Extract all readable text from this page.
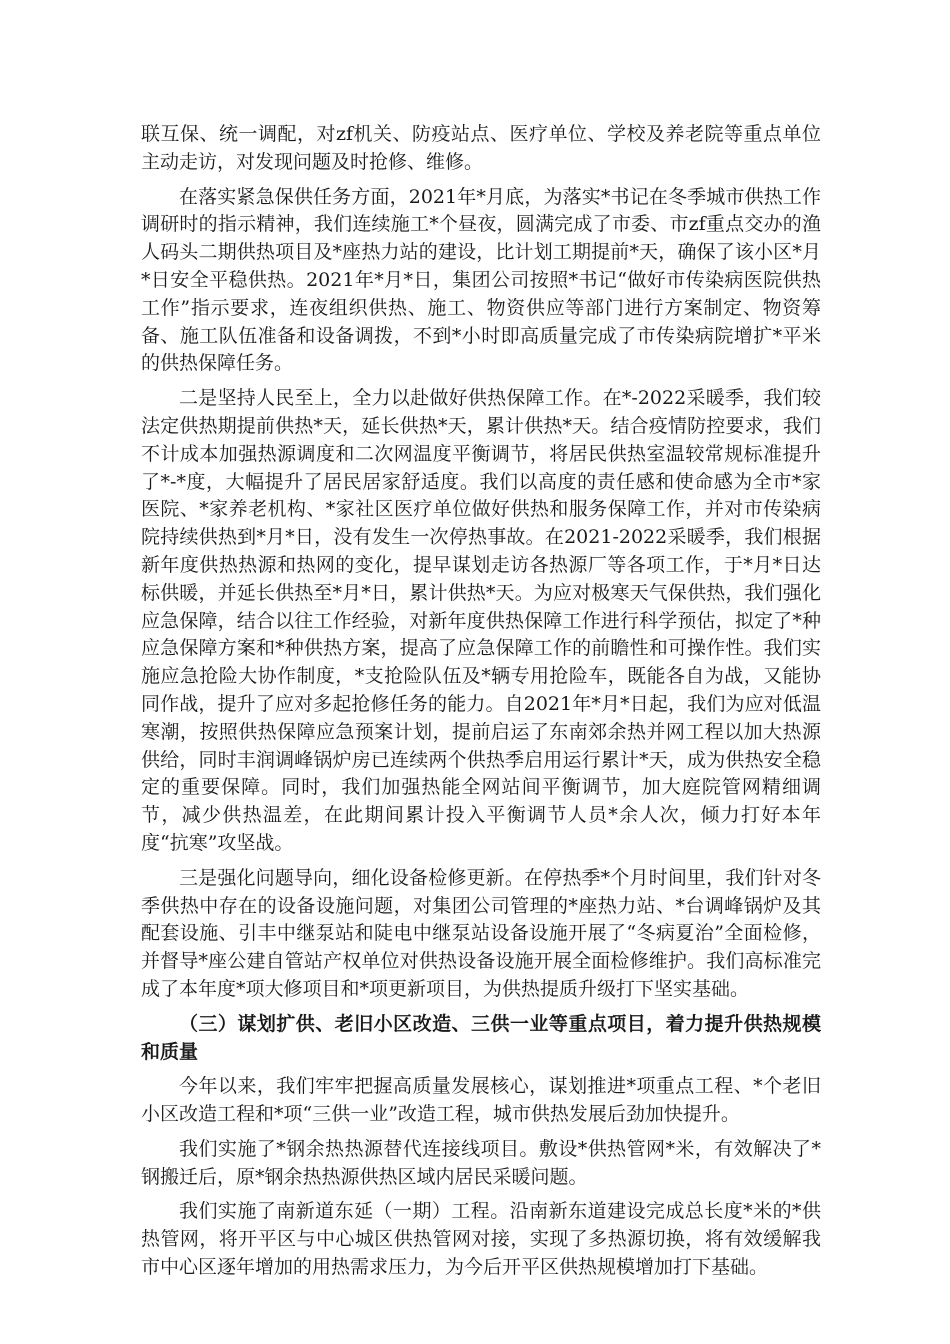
联互保、统一调配，对zf机关、防疫站点、医疗单位、学校及养老院等重点单位主动走访，对发现问题及时抢修、维修。

在落实紧急保供任务方面，2021年*月底，为落实*书记在冬季城市供热工作调研时的指示精神，我们连续施工*个昼夜，圆满完成了市委、市zf重点交办的渔人码头二期供热项目及*座热力站的建设，比计划工期提前*天，确保了该小区*月*日安全平稳供热。2021年*月*日，集团公司按照*书记“做好市传染病医院供热工作”指示要求，连夜组织供热、施工、物资供应等部门进行方案制定、物资筹备、施工队伍准备和设备调拨，不到*小时即高质量完成了市传染病院增扩*平米的供热保障任务。

二是坚持人民至上，全力以赴做好供热保障工作。在*-2022采暖季，我们较法定供热期提前供热*天，延长供热*天，累计供热*天。结合疫情防控要求，我们不计成本加强热源调度和二次网温度平衡调节，将居民供热室温较常规标准提升了*-*度，大幅提升了居民居家舒适度。我们以高度的责任感和使命感为全市*家医院、*家养老机构、*家社区医疗单位做好供热和服务保障工作，并对市传染病院持续供热到*月*日，没有发生一次停热事故。在2021-2022采暖季，我们根据新年度供热热源和热网的变化，提早谋划走访各热源厂等各项工作，于*月*日达标供暖，并延长供热至*月*日，累计供热*天。为应对极寒天气保供热，我们强化应急保障，结合以往工作经验，对新年度供热保障工作进行科学预估，拟定了*种应急保障方案和*种供热方案，提高了应急保障工作的前瞻性和可操作性。我们实施应急抢险大协作制度，*支抢险队伍及*辆专用抢险车，既能各自为战，又能协同作战，提升了应对多起抢修任务的能力。自2021年*月*日起，我们为应对低温寒潮，按照供热保障应急预案计划，提前启运了东南郊余热并网工程以加大热源供给，同时丰润调峰锅炉房已连续两个供热季启用运行累计*天，成为供热安全稳定的重要保障。同时，我们加强热能全网站间平衡调节，加大庭院管网精细调节，减少供热温差，在此期间累计投入平衡调节人员*余人次，倾力打好本年度“抗寒”攻坚战。

三是强化问题导向，细化设备检修更新。在停热季*个月时间里，我们针对冬季供热中存在的设备设施问题，对集团公司管理的*座热力站、*台调峰锅炉及其配套设施、引丰中继泵站和陡电中继泵站设备设施开展了“冬病夏治”全面检修，并督导*座公建自管站产权单位对供热设备设施开展全面检修维护。我们高标准完成了本年度*项大修项目和*项更新项目，为供热提质升级打下坚实基础。

（三）谋划扩供、老旧小区改造、三供一业等重点项目，着力提升供热规模和质量

今年以来，我们牢牢把握高质量发展核心，谋划推进*项重点工程、*个老旧小区改造工程和*项“三供一业”改造工程，城市供热发展后劲加快提升。

我们实施了*钢余热热源替代连接线项目。敷设*供热管网*米，有效解决了*钢搬迁后，原*钢余热热源供热区域内居民采暖问题。

我们实施了南新道东延（一期）工程。沿南新东道建设完成总长度*米的*供热管网，将开平区与中心城区供热管网对接，实现了多热源切换，将有效缓解我市中心区逐年增加的用热需求压力，为今后开平区供热规模增加打下基础。
